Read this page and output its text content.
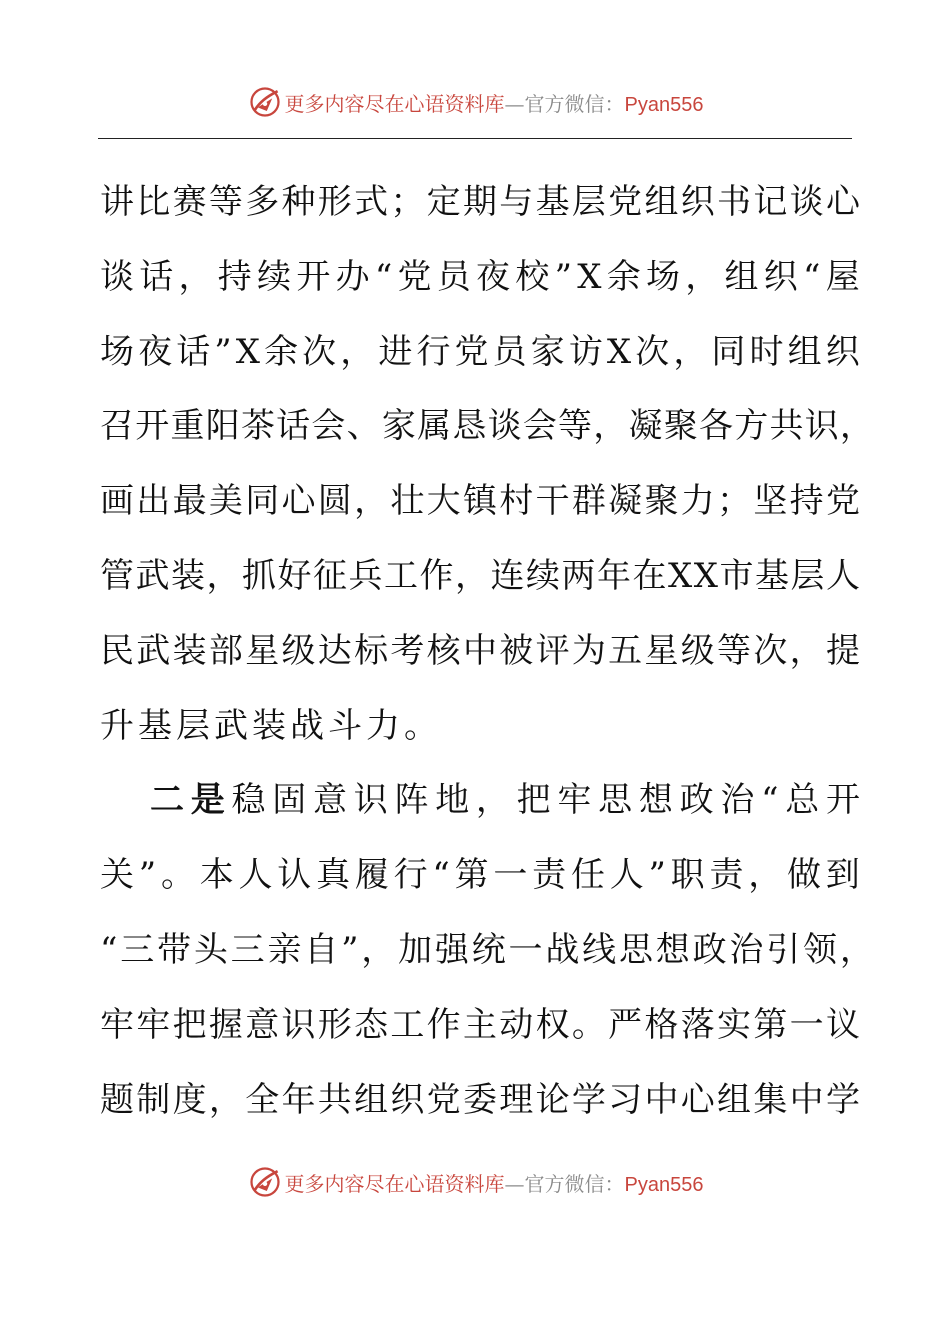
更多内容尽在心语资料库—官方微信：Pyan556
讲 比 赛 等 多 种 形 式 ； 定 期 与 基 层 党 组 织 书 记 谈 心
谈 话 ， 持 续 开 办 “ 党 员 夜 校 ” X 余 场 ， 组 织 “ 屋
场 夜 话 ” X 余 次 ， 进 行 党 员 家 访 X 次 ， 同 时 组 织
召 开 重 阳 茶 话 会 、 家 属 恳 谈 会 等 ， 凝 聚 各 方 共 识 ，
画 出 最 美 同 心 圆 ， 壮 大 镇 村 干 群 凝 聚 力 ； 坚 持 党
管 武 装 ， 抓 好 征 兵 工 作 ， 连 续 两 年 在 X X 市 基 层 人
民 武 装 部 星 级 达 标 考 核 中 被 评 为 五 星 级 等 次 ， 提
升基层武装战斗力。
二是稳固意识阵地，把牢思想政治“总开
关 ” 。 本 人 认 真 履 行 “ 第 一 责 任 人 ” 职 责 ， 做 到
“ 三 带 头 三 亲 自 ” ， 加 强 统 一 战 线 思 想 政 治 引 领 ，
牢 牢 把 握 意 识 形 态 工 作 主 动 权 。 严 格 落 实 第 一 议
题 制 度 ， 全 年 共 组 织 党 委 理 论 学 习 中 心 组 集 中 学
更多内容尽在心语资料库—官方微信：Pyan556
